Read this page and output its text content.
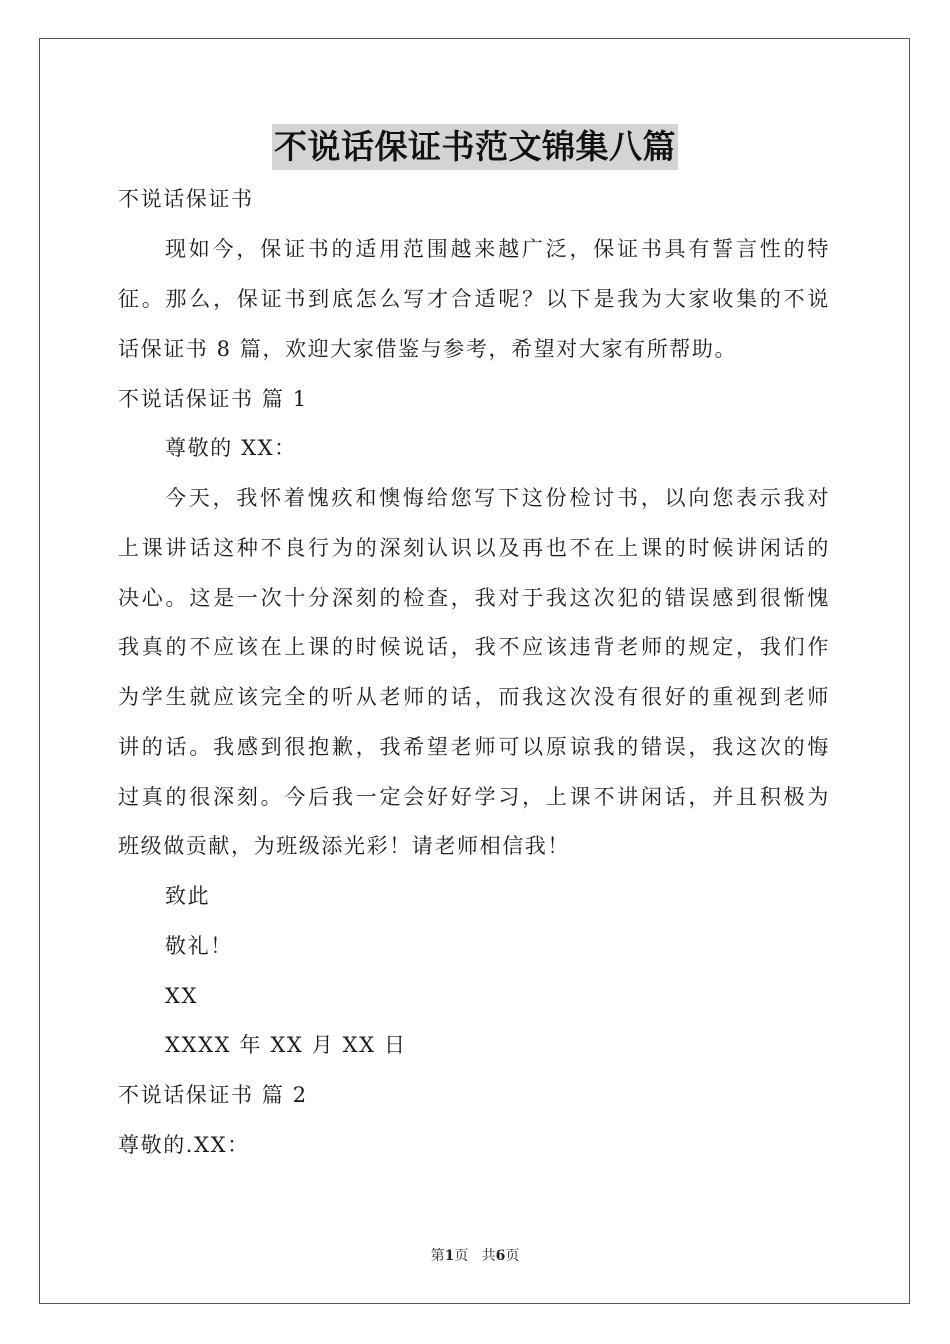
不说话保证书范文锦集八篇
不说话保证书
现如今，保证书的适用范围越来越广泛，保证书具有誓言性的特
征。那么，保证书到底怎么写才合适呢？以下是我为大家收集的不说
话保证书 8 篇，欢迎大家借鉴与参考，希望对大家有所帮助。
不说话保证书 篇 1
尊敬的 XX：
今天，我怀着愧疚和懊悔给您写下这份检讨书，以向您表示我对
上课讲话这种不良行为的深刻认识以及再也不在上课的时候讲闲话的
决心。这是一次十分深刻的检查，我对于我这次犯的错误感到很惭愧
我真的不应该在上课的时候说话，我不应该违背老师的规定，我们作
为学生就应该完全的听从老师的话，而我这次没有很好的重视到老师
讲的话。我感到很抱歉，我希望老师可以原谅我的错误，我这次的悔
过真的很深刻。今后我一定会好好学习，上课不讲闲话，并且积极为
班级做贡献，为班级添光彩！请老师相信我！
致此
敬礼！
XX
XXXX 年 XX 月 XX 日
不说话保证书 篇 2
尊敬的.XX：
第1页 共6页
